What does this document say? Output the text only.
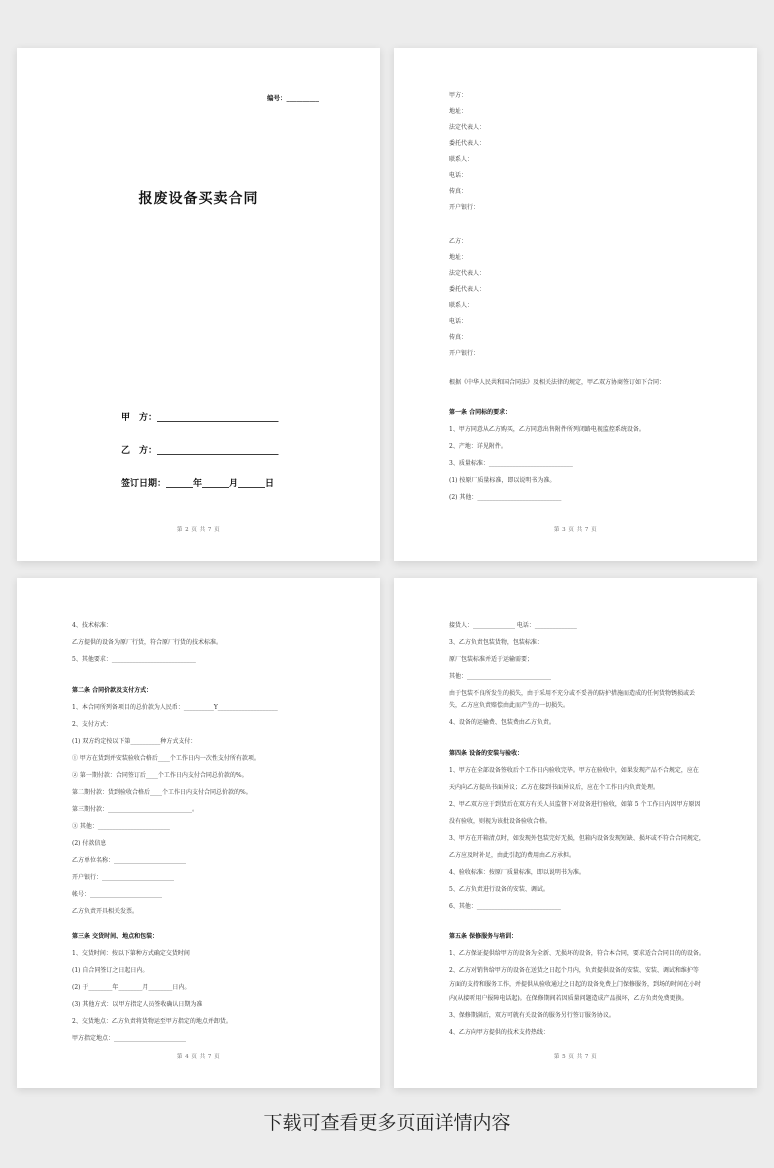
编号：__________
报废设备买卖合同
甲　方：___________________________
乙　方：___________________________
签订日期：______年______月______日
第 2 页 共 7 页
甲方：
地址：
法定代表人：
委托代表人：
联系人：
电话：
传真：
开户银行：
乙方：
地址：
法定代表人：
委托代表人：
联系人：
电话：
传真：
开户银行：
根据《中华人民共和国合同法》及相关法律的规定，甲乙双方协商签订如下合同：
第一条 合同标的要求：
1、甲方同意从乙方购买，乙方同意出售附件所列闭路电视监控系统设备。
2、产地：详见附件。
3、质量标准：____________________________
(1) 按原厂质量标准，即以说明书为准。
(2) 其他：____________________________
第 3 页 共 7 页
4、技术标准：
乙方提供的设备为原厂行货，符合原厂行货的技术标准。
5、其他要求：____________________________
第二条 合同价款及支付方式：
1、本合同所列备项目的总价款为人民币：__________Y____________________
2、支付方式：
(1) 双方约定按以下第__________种方式支付：
① 甲方在货到并安装验收合格后____个工作日内一次性支付所有款项。
② 第一期付款：合同签订后____个工作日内支付合同总价款的%。
第二期付款：货到验收合格后____个工作日内支付合同总价款的%。
第三期付款：____________________________。
③ 其他：________________________
(2) 付款信息
乙方单位名称：________________________
开户银行：________________________
帐号：________________________
乙方负责开具相关发票。
第三条 交货时间、地点和包装：
1、交货时间：按以下第种方式确定交货时间
(1) 自合同签订之日起日内。
(2) 于________年________月________日内。
(3) 其他方式：以甲方指定人员签收确认日期为准
2、交货地点：乙方负责将货物运至甲方指定的地点并卸货。
甲方指定地点：________________________
第 4 页 共 7 页
接货人：______________ 电话：______________
3、乙方负责包装货物，包装标准：
原厂包装标准并适于运输需要；
其他：____________________________
由于包装不良所发生的损失，由于采用不充分或不妥善的防护措施而造成的任何货物锈损或丢
失，乙方应负责赔偿由此而产生的一切损失。
4、设备的运输费、包装费由乙方负责。
第四条 设备的安装与验收：
1、甲方在全部设备签收后个工作日内验收完毕。甲方在验收中，如果发现产品不合规定，应在
天内向乙方提出书面异议；乙方在接到书面异议后，应在个工作日内负责处理。
2、甲乙双方应于到货后在双方有关人员监督下对设备进行验收，如第 5 个工作日内因甲方原因
没有验收，则视为该批设备验收合格。
3、甲方在开箱清点时，如发现外包装完好无损，但箱内设备发现短缺、损坏或不符合合同规定，
乙方应及时补足，由此引起的费用由乙方承担。
4、验收标准：按原厂质量标准，即以说明书为准。
5、乙方负责进行设备的安装、调试。
6、其他：____________________________
第五条 保修服务与培训：
1、乙方保证提供给甲方的设备为全新、无损坏的设备，符合本合同，要求适合合同目的的设备。
2、乙方对销售给甲方的设备在送货之日起个月内，负责提供设备的安装、安装、调试和维护等
方面的支持和服务工作，并提供从验收通过之日起的设备免费上门保修服务，到场的时间在小时
内(从接听用户报障电话起)。在保修期间若因质量问题造成产品损坏，乙方负责免费更换。
3、保修期满后，双方可就有关设备的服务另行签订服务协议。
4、乙方向甲方提供的技术支持热线：
第 5 页 共 7 页
下载可查看更多页面详情内容
